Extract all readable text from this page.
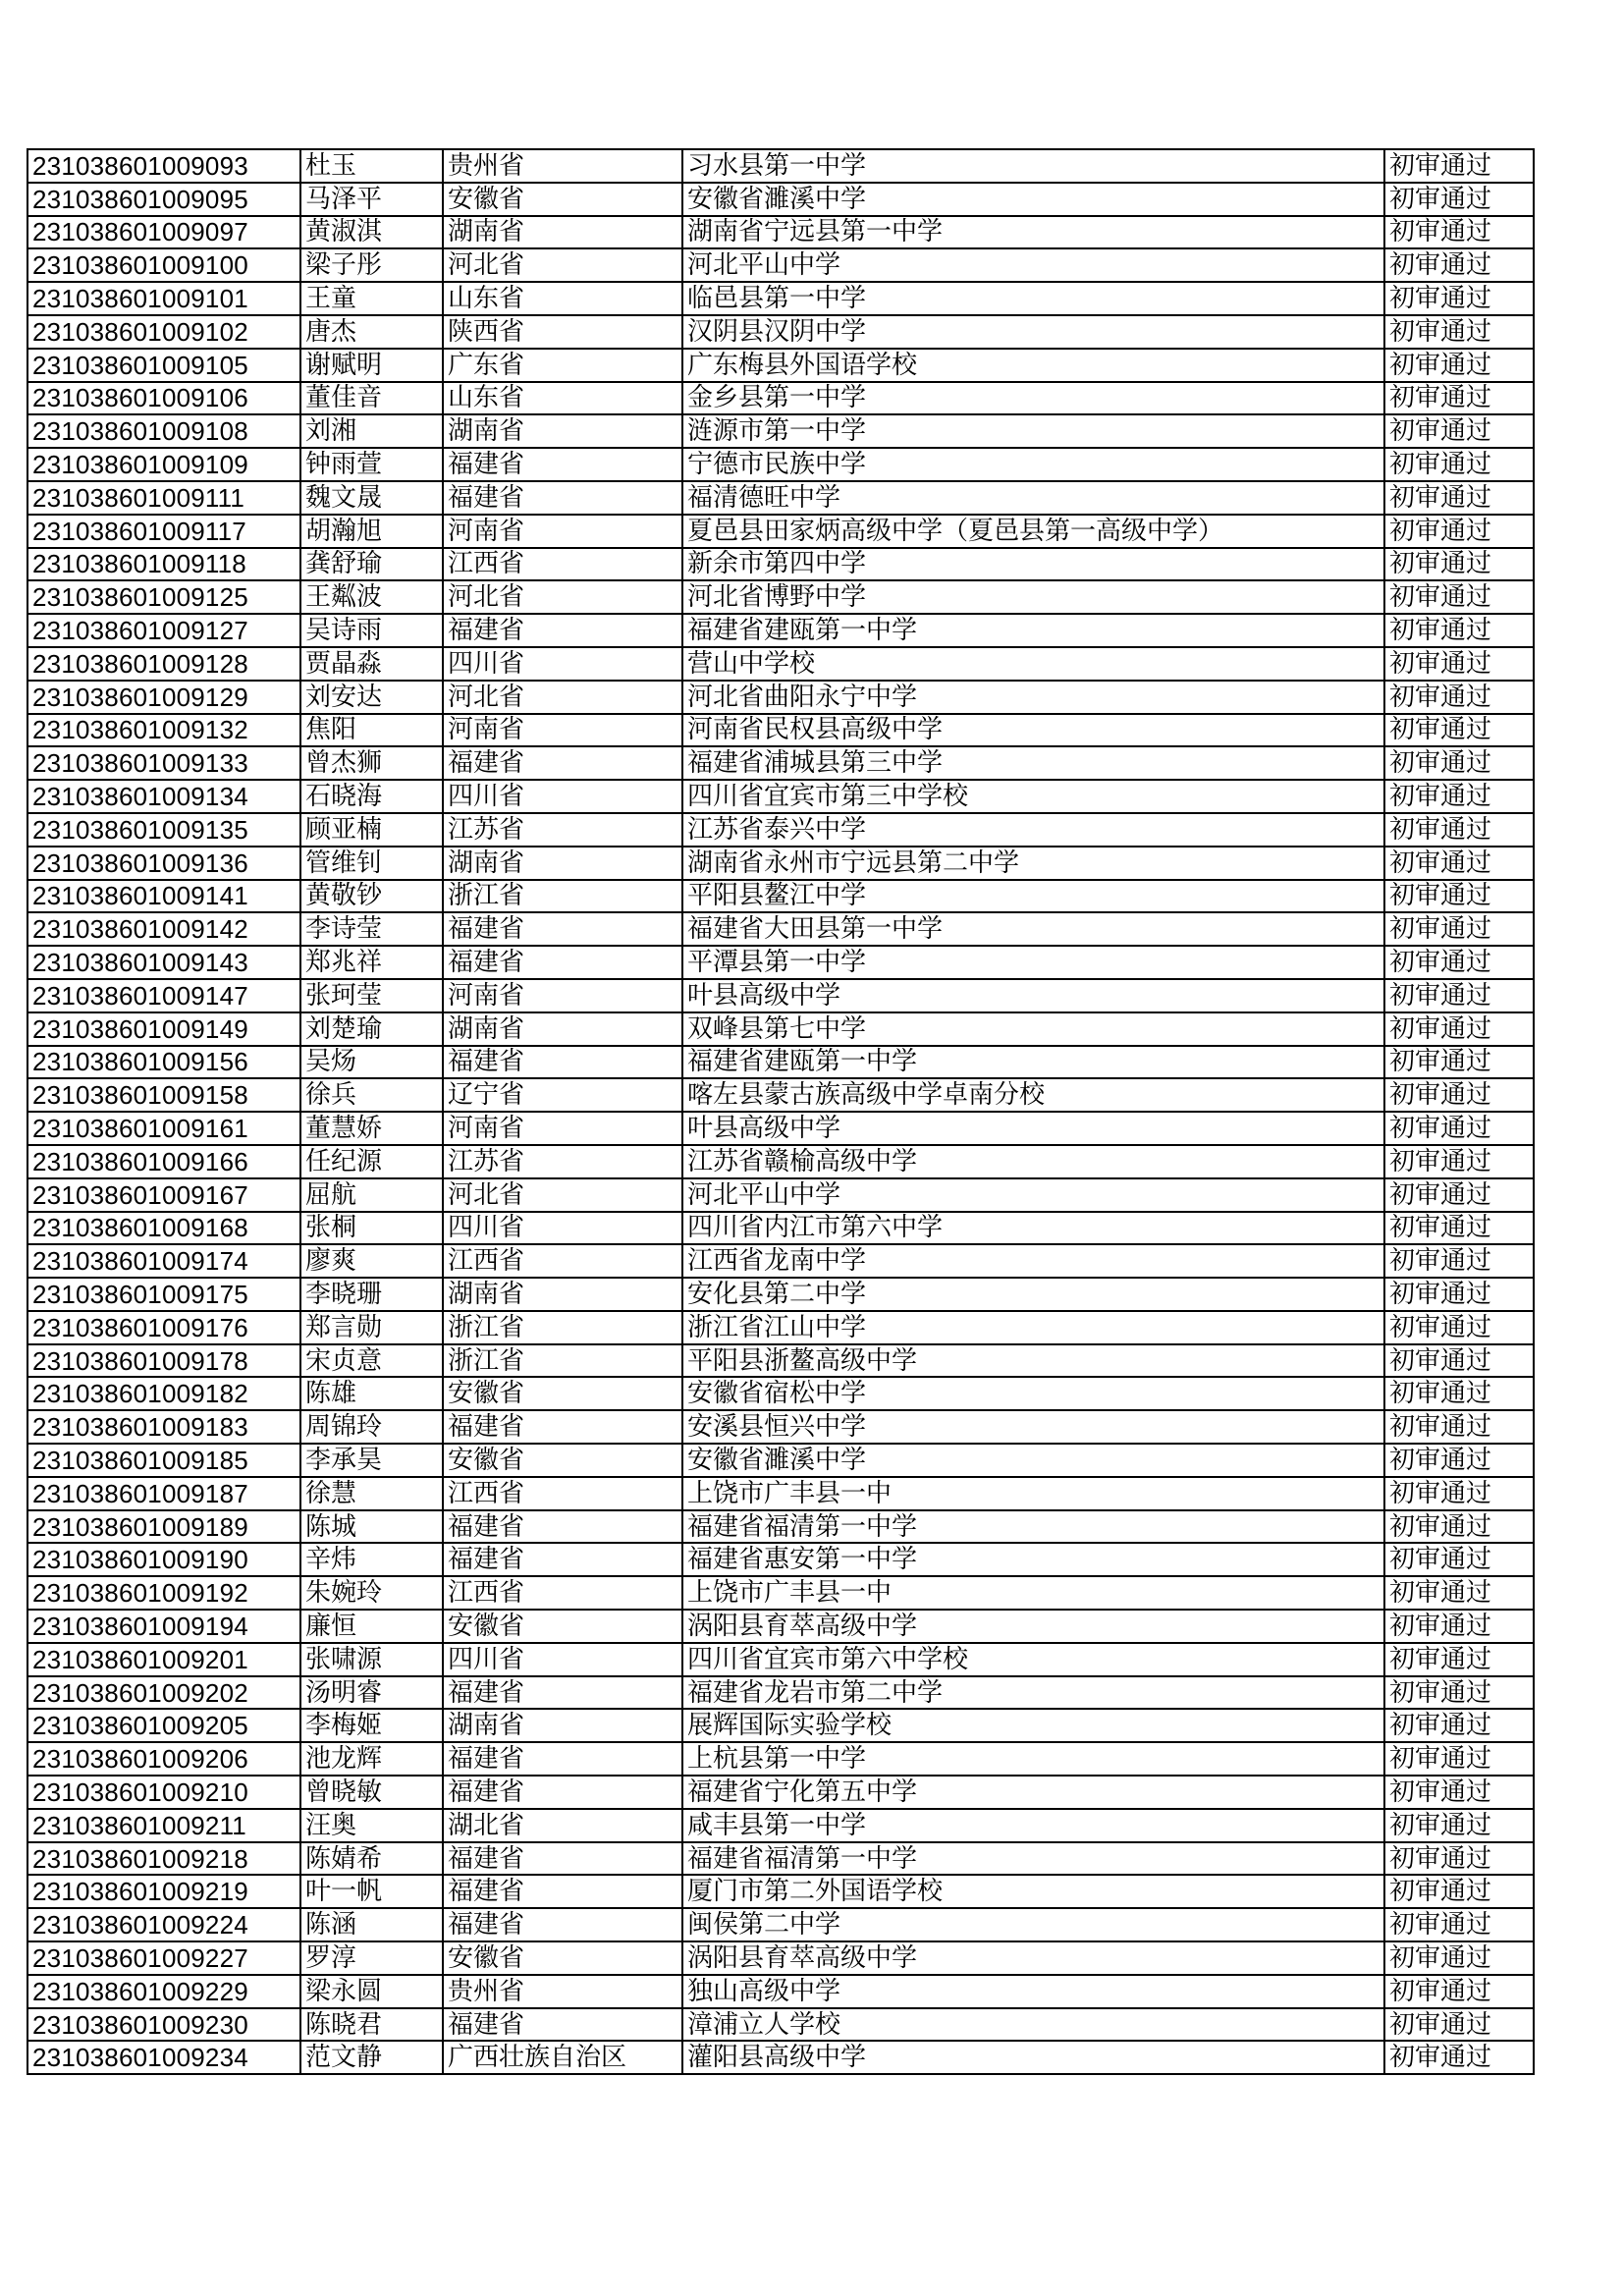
231038601009093	杜玉	贵州省	习水县第一中学	初审通过
231038601009095	马泽平	安徽省	安徽省濉溪中学	初审通过
231038601009097	黄淑淇	湖南省	湖南省宁远县第一中学	初审通过
231038601009100	梁子彤	河北省	河北平山中学	初审通过
231038601009101	王童	山东省	临邑县第一中学	初审通过
231038601009102	唐杰	陕西省	汉阴县汉阴中学	初审通过
231038601009105	谢赋明	广东省	广东梅县外国语学校	初审通过
231038601009106	董佳音	山东省	金乡县第一中学	初审通过
231038601009108	刘湘	湖南省	涟源市第一中学	初审通过
231038601009109	钟雨萱	福建省	宁德市民族中学	初审通过
231038601009111	魏文晟	福建省	福清德旺中学	初审通过
231038601009117	胡瀚旭	河南省	夏邑县田家炳高级中学（夏邑县第一高级中学）	初审通过
231038601009118	龚舒瑜	江西省	新余市第四中学	初审通过
231038601009125	王粼波	河北省	河北省博野中学	初审通过
231038601009127	吴诗雨	福建省	福建省建瓯第一中学	初审通过
231038601009128	贾晶淼	四川省	营山中学校	初审通过
231038601009129	刘安达	河北省	河北省曲阳永宁中学	初审通过
231038601009132	焦阳	河南省	河南省民权县高级中学	初审通过
231038601009133	曾杰狮	福建省	福建省浦城县第三中学	初审通过
231038601009134	石晓海	四川省	四川省宜宾市第三中学校	初审通过
231038601009135	顾亚楠	江苏省	江苏省泰兴中学	初审通过
231038601009136	管维钊	湖南省	湖南省永州市宁远县第二中学	初审通过
231038601009141	黄敬钞	浙江省	平阳县鳌江中学	初审通过
231038601009142	李诗莹	福建省	福建省大田县第一中学	初审通过
231038601009143	郑兆祥	福建省	平潭县第一中学	初审通过
231038601009147	张珂莹	河南省	叶县高级中学	初审通过
231038601009149	刘楚瑜	湖南省	双峰县第七中学	初审通过
231038601009156	吴炀	福建省	福建省建瓯第一中学	初审通过
231038601009158	徐兵	辽宁省	喀左县蒙古族高级中学卓南分校	初审通过
231038601009161	董慧娇	河南省	叶县高级中学	初审通过
231038601009166	任纪源	江苏省	江苏省赣榆高级中学	初审通过
231038601009167	屈航	河北省	河北平山中学	初审通过
231038601009168	张桐	四川省	四川省内江市第六中学	初审通过
231038601009174	廖爽	江西省	江西省龙南中学	初审通过
231038601009175	李晓珊	湖南省	安化县第二中学	初审通过
231038601009176	郑言勋	浙江省	浙江省江山中学	初审通过
231038601009178	宋贞意	浙江省	平阳县浙鳌高级中学	初审通过
231038601009182	陈雄	安徽省	安徽省宿松中学	初审通过
231038601009183	周锦玲	福建省	安溪县恒兴中学	初审通过
231038601009185	李承昊	安徽省	安徽省濉溪中学	初审通过
231038601009187	徐慧	江西省	上饶市广丰县一中	初审通过
231038601009189	陈城	福建省	福建省福清第一中学	初审通过
231038601009190	辛炜	福建省	福建省惠安第一中学	初审通过
231038601009192	朱婉玲	江西省	上饶市广丰县一中	初审通过
231038601009194	廉恒	安徽省	涡阳县育萃高级中学	初审通过
231038601009201	张啸源	四川省	四川省宜宾市第六中学校	初审通过
231038601009202	汤明睿	福建省	福建省龙岩市第二中学	初审通过
231038601009205	李梅姬	湖南省	展辉国际实验学校	初审通过
231038601009206	池龙辉	福建省	上杭县第一中学	初审通过
231038601009210	曾晓敏	福建省	福建省宁化第五中学	初审通过
231038601009211	汪奥	湖北省	咸丰县第一中学	初审通过
231038601009218	陈婧希	福建省	福建省福清第一中学	初审通过
231038601009219	叶一帆	福建省	厦门市第二外国语学校	初审通过
231038601009224	陈涵	福建省	闽侯第二中学	初审通过
231038601009227	罗淳	安徽省	涡阳县育萃高级中学	初审通过
231038601009229	梁永圆	贵州省	独山高级中学	初审通过
231038601009230	陈晓君	福建省	漳浦立人学校	初审通过
231038601009234	范文静	广西壮族自治区	灌阳县高级中学	初审通过
